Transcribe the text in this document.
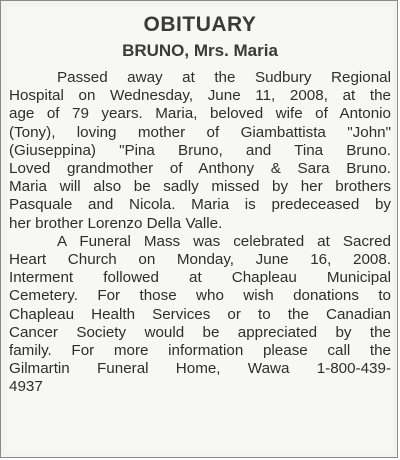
OBITUARY
BRUNO, Mrs. Maria
Passed away at the Sudbury Regional
Hospital on Wednesday, June 11, 2008, at the
age of 79 years. Maria, beloved wife of Antonio
(Tony), loving mother of Giambattista "John"
(Giuseppina) "Pina Bruno, and Tina Bruno.
Loved grandmother of Anthony & Sara Bruno.
Maria will also be sadly missed by her brothers
Pasquale and Nicola. Maria is predeceased by
her brother Lorenzo Della Valle.
A Funeral Mass was celebrated at Sacred
Heart Church on Monday, June 16, 2008.
Interment followed at Chapleau Municipal
Cemetery. For those who wish donations to
Chapleau Health Services or to the Canadian
Cancer Society would be appreciated by the
family. For more information please call the
Gilmartin Funeral Home, Wawa 1-800-439-
4937
